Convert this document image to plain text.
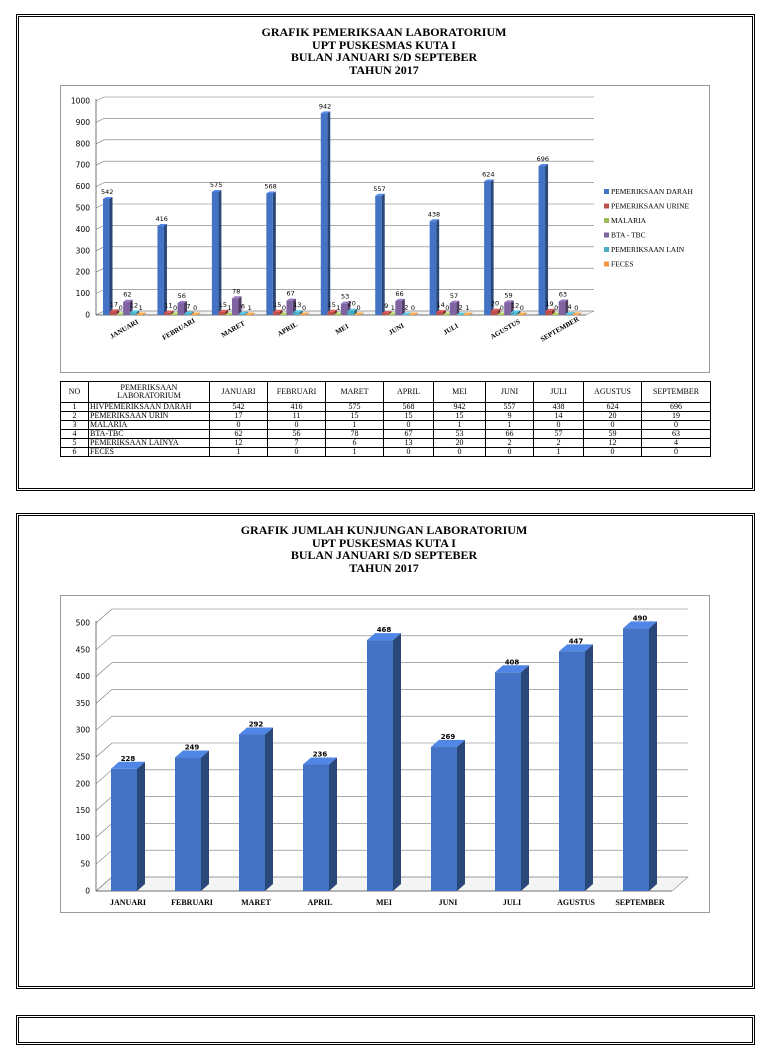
GRAFIK PEMERIKSAAN LABORATORIUM
UPT PUSKESMAS KUTA I
BULAN JANUARI S/D SEPTEBER
TAHUN 2017
0
100
200
300
400
500
600
700
800
900
1000
542
17 0
62
12 1
JANUARI
416
11 0
56
7 0
FEBRUARI
575
15 1
78
6 1
MARET
568
15 0
67
13 0
APRIL
942
15 1
53
20
0
MEI
557
9 1
66
2 0
JUNI
438
14 0
57
2 1
JULI
624
20
0
59
12 0
AGUSTUS
696
19
0
63
4 0
SEPTEMBER
PEMERIKSAAN DARAH
PEMERIKSAAN URINE
MALARIA
BTA - TBC
PEMERIKSAAN LAIN
FECES
NO	PEMERIKSAAN LABORATORIUM	JANUARI	FEBRUARI	MARET	APRIL	MEI	JUNI	JULI	AGUSTUS	SEPTEMBER
1	HIVPEMERIKSAAN DARAH	542	416	575	568	942	557	438	624	696
2	PEMERIKSAAN URIN	17	11	15	15	15	9	14	20	19
3	MALARIA	0	0	1	0	1	1	0	0	0
4	BTA-TBC	62	56	78	67	53	66	57	59	63
5	PEMERIKSAAN LAINYA	12	7	6	13	20	2	2	12	4
6	FECES	1	0	1	0	0	0	1	0	0
GRAFIK JUMLAH KUNJUNGAN LABORATORIUM
UPT PUSKESMAS KUTA I
BULAN JANUARI S/D SEPTEBER
TAHUN 2017
0
50
100
150
200
250
300
350
400
450
500
228
JANUARI
249
FEBRUARI
292
MARET
236
APRIL
468
MEI
269
JUNI
408
JULI
447
AGUSTUS
490
SEPTEMBER
